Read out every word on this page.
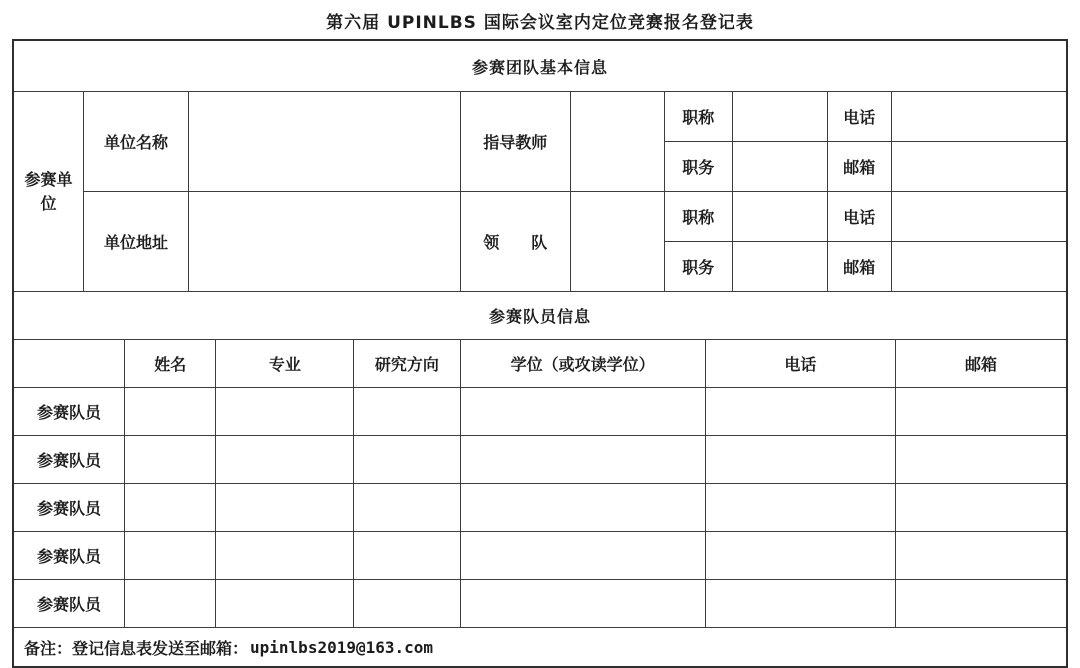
第六届 UPINLBS 国际会议室内定位竞赛报名登记表
参赛团队基本信息								
参赛单位	单位名称		指导教师		职称		电话	
					职务		邮箱	
	单位地址		领　　队		职称		电话	
					职务		邮箱	
参赛队员信息						
	姓名	专业	研究方向	学位（或攻读学位）	电话	邮箱
参赛队员						
参赛队员						
参赛队员						
参赛队员						
参赛队员						
备注：登记信息表发送至邮箱： upinlbs2019@163.com
